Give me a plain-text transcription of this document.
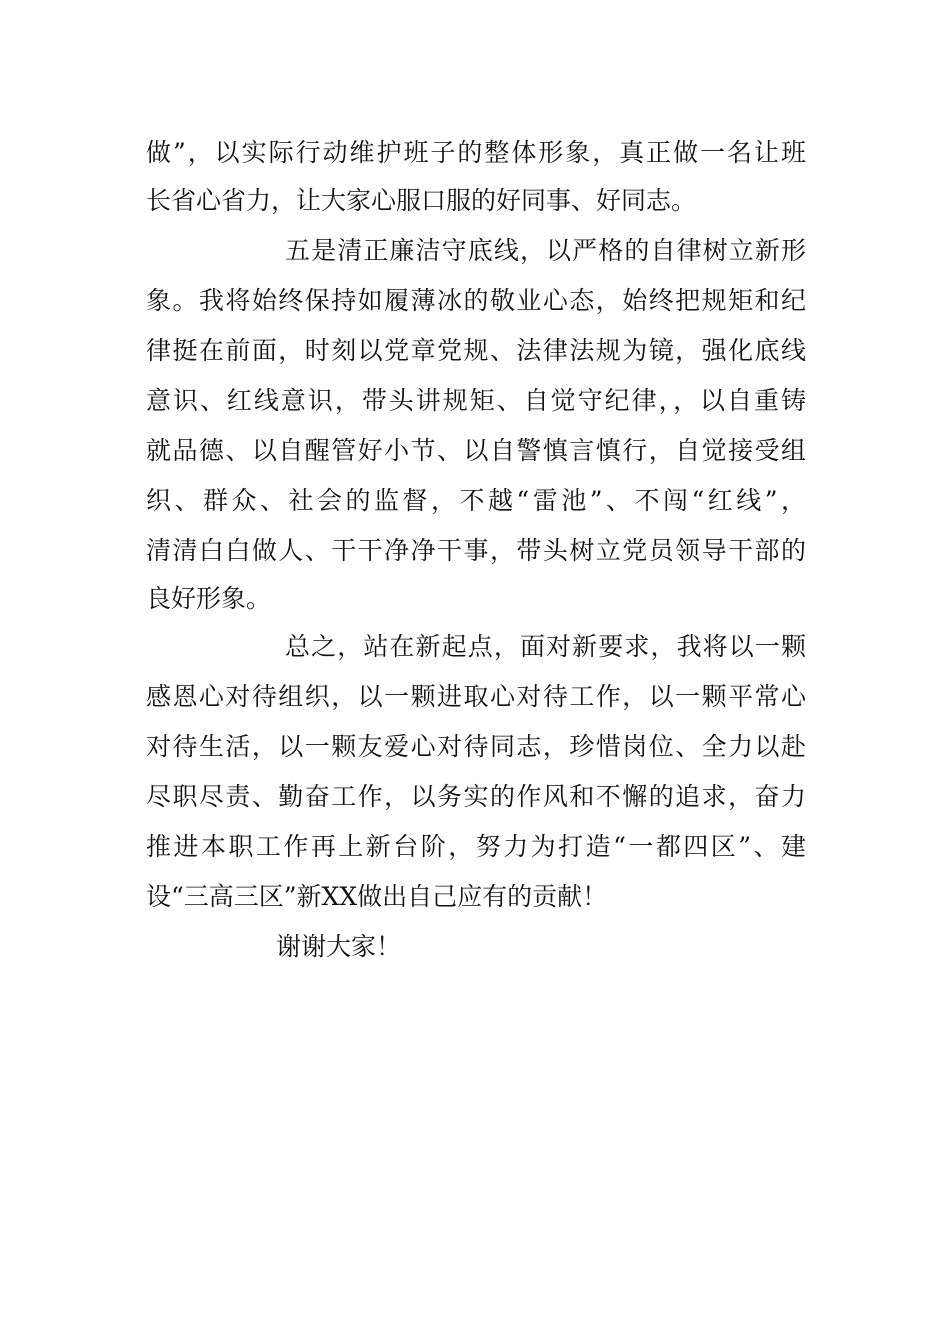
做”，以实际行动维护班子的整体形象，真正做一名让班
长省心省力，让大家心服口服的好同事、好同志。
五是清正廉洁守底线，以严格的自律树立新形
象。我将始终保持如履薄冰的敬业心态，始终把规矩和纪
律挺在前面，时刻以党章党规、法律法规为镜，强化底线
意识、红线意识，带头讲规矩、自觉守纪律，，以自重铸
就品德、以自醒管好小节、以自警慎言慎行，自觉接受组
织、群众、社会的监督，不越“雷池”、不闯“红线”，
清清白白做人、干干净净干事，带头树立党员领导干部的
良好形象。
总之，站在新起点，面对新要求，我将以一颗
感恩心对待组织，以一颗进取心对待工作，以一颗平常心
对待生活，以一颗友爱心对待同志，珍惜岗位、全力以赴
尽职尽责、勤奋工作，以务实的作风和不懈的追求，奋力
推进本职工作再上新台阶，努力为打造“一都四区”、建
设“三高三区”新XX做出自己应有的贡献！
谢谢大家！
